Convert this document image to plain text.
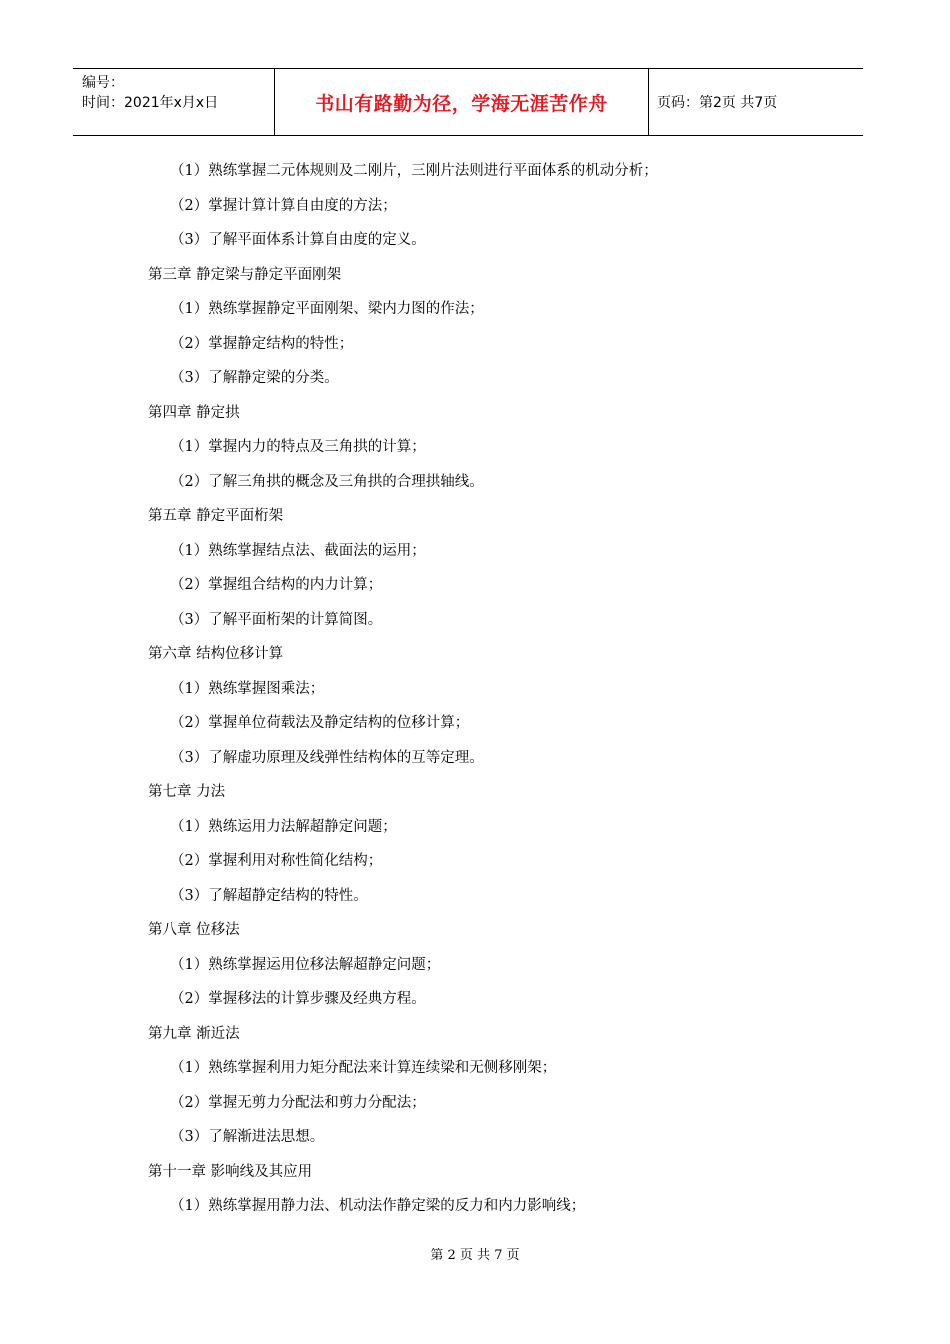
编号：
时间：2021年x月x日	书山有路勤为径，学海无涯苦作舟	页码：第2页 共7页
（1）熟练掌握二元体规则及二刚片，三刚片法则进行平面体系的机动分析；
（2）掌握计算计算自由度的方法；
（3）了解平面体系计算自由度的定义。
第三章 静定梁与静定平面刚架
（1）熟练掌握静定平面刚架、梁内力图的作法；
（2）掌握静定结构的特性；
（3）了解静定梁的分类。
第四章 静定拱
（1）掌握内力的特点及三角拱的计算；
（2）了解三角拱的概念及三角拱的合理拱轴线。
第五章 静定平面桁架
（1）熟练掌握结点法、截面法的运用；
（2）掌握组合结构的内力计算；
（3）了解平面桁架的计算简图。
第六章 结构位移计算
（1）熟练掌握图乘法；
（2）掌握单位荷载法及静定结构的位移计算；
（3）了解虚功原理及线弹性结构体的互等定理。
第七章 力法
（1）熟练运用力法解超静定问题；
（2）掌握利用对称性简化结构；
（3）了解超静定结构的特性。
第八章 位移法
（1）熟练掌握运用位移法解超静定问题；
（2）掌握移法的计算步骤及经典方程。
第九章 渐近法
（1）熟练掌握利用力矩分配法来计算连续梁和无侧移刚架；
（2）掌握无剪力分配法和剪力分配法；
（3）了解渐进法思想。
第十一章 影响线及其应用
（1）熟练掌握用静力法、机动法作静定梁的反力和内力影响线；
第 2 页 共 7 页
